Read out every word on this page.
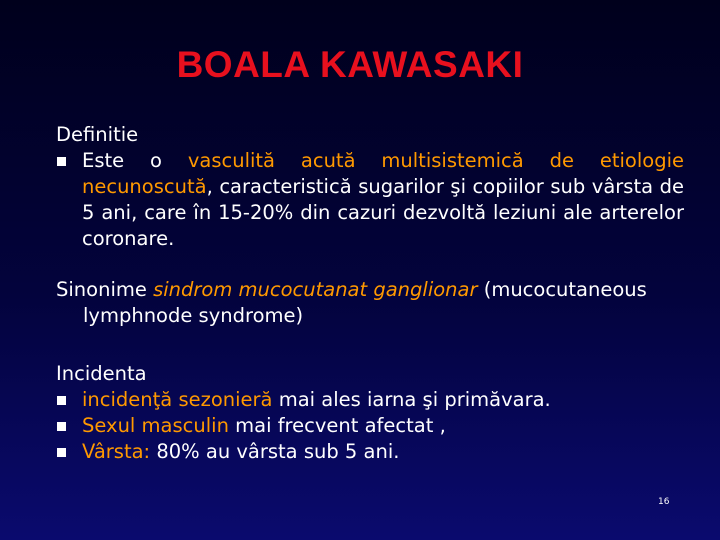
BOALA KAWASAKI
Definitie
Este o vasculită acută multisistemică de etiologie necunoscută, caracteristică sugarilor şi copiilor sub vârsta de 5 ani, care în 15-20% din cazuri dezvoltă leziuni ale arterelor coronare.
Sinonime sindrom mucocutanat ganglionar (mucocutaneous
lymphnode syndrome)
Incidenta
incidenţă sezonieră mai ales iarna şi primăvara.
Sexul masculin mai frecvent afectat ,
Vârsta: 80% au vârsta sub 5 ani.
16
